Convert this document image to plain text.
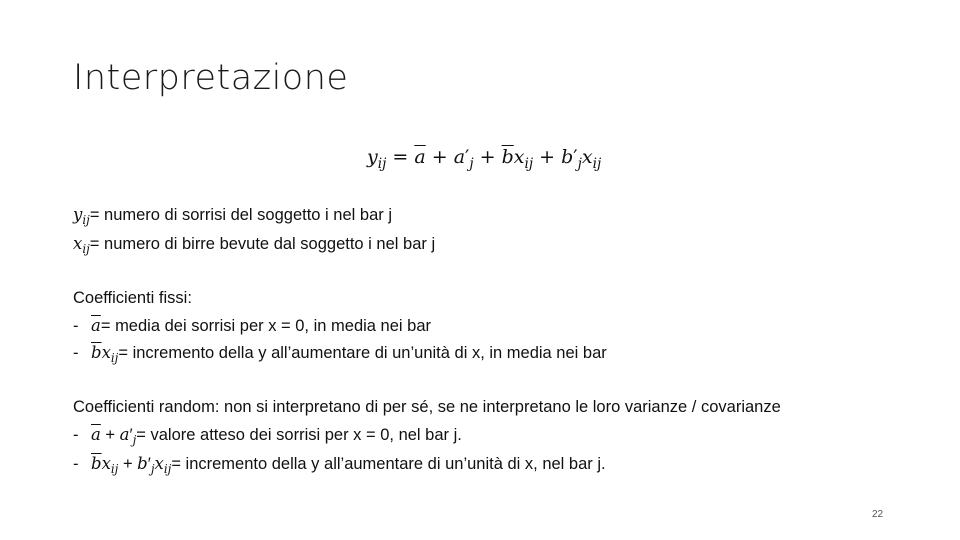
Interpretazione
$y_{ij} = \overline{a} + a'_j + \overline{b}x_{ij} + b'_jx_{ij}$
$y_{ij}=$ numero di sorrisi del soggetto i nel bar j
$x_{ij}=$ numero di birre bevute dal soggetto i nel bar j
Coefficienti fissi:
- $\overline{a}=$ media dei sorrisi per x = 0, in media nei bar
- $\overline{b}x_{ij}=$ incremento della y all’aumentare di un’unità di x, in media nei bar
Coefficienti random: non si interpretano di per sé, se ne interpretano le loro varianze / covarianze
- $\overline{a} + a'_j=$ valore atteso dei sorrisi per x = 0, nel bar j.
- $\overline{b}x_{ij} + b'_jx_{ij}=$ incremento della y all’aumentare di un’unità di x, nel bar j.
22
